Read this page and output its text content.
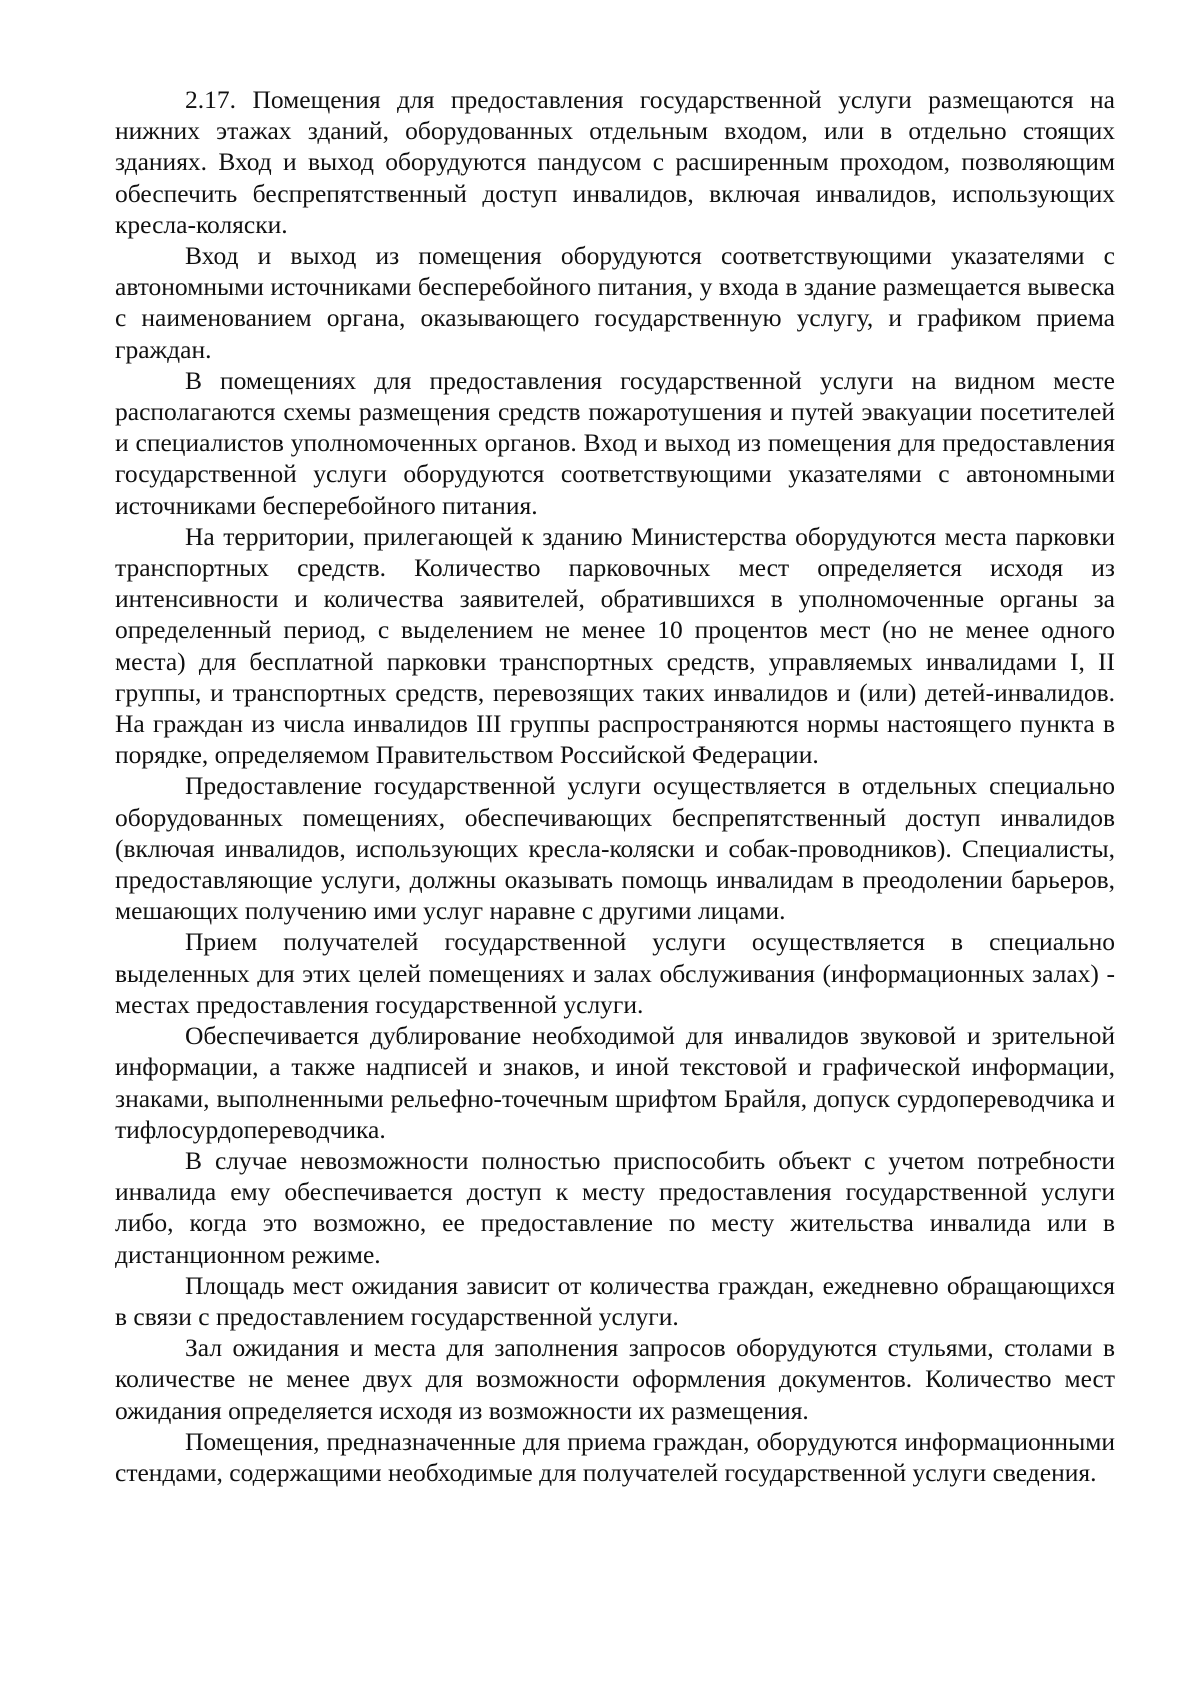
2.17. Помещения для предоставления государственной услуги размещаются на нижних этажах зданий, оборудованных отдельным входом, или в отдельно стоящих зданиях. Вход и выход оборудуются пандусом с расширенным проходом, позволяющим обеспечить беспрепятственный доступ инвалидов, включая инвалидов, использующих кресла-коляски.

Вход и выход из помещения оборудуются соответствующими указателями с автономными источниками бесперебойного питания, у входа в здание размещается вывеска с наименованием органа, оказывающего государственную услугу, и графиком приема граждан.

В помещениях для предоставления государственной услуги на видном месте располагаются схемы размещения средств пожаротушения и путей эвакуации посетителей и специалистов уполномоченных органов. Вход и выход из помещения для предоставления государственной услуги оборудуются соответствующими указателями с автономными источниками бесперебойного питания.

На территории, прилегающей к зданию Министерства оборудуются места парковки транспортных средств. Количество парковочных мест определяется исходя из интенсивности и количества заявителей, обратившихся в уполномоченные органы за определенный период, с выделением не менее 10 процентов мест (но не менее одного места) для бесплатной парковки транспортных средств, управляемых инвалидами I, II группы, и транспортных средств, перевозящих таких инвалидов и (или) детей-инвалидов. На граждан из числа инвалидов III группы распространяются нормы настоящего пункта в порядке, определяемом Правительством Российской Федерации.

Предоставление государственной услуги осуществляется в отдельных специально оборудованных помещениях, обеспечивающих беспрепятственный доступ инвалидов (включая инвалидов, использующих кресла-коляски и собак-проводников). Специалисты, предоставляющие услуги, должны оказывать помощь инвалидам в преодолении барьеров, мешающих получению ими услуг наравне с другими лицами.

Прием получателей государственной услуги осуществляется в специально выделенных для этих целей помещениях и залах обслуживания (информационных залах) - местах предоставления государственной услуги.

Обеспечивается дублирование необходимой для инвалидов звуковой и зрительной информации, а также надписей и знаков, и иной текстовой и графической информации, знаками, выполненными рельефно-точечным шрифтом Брайля, допуск сурдопереводчика и тифлосурдопереводчика.

В случае невозможности полностью приспособить объект с учетом потребности инвалида ему обеспечивается доступ к месту предоставления государственной услуги либо, когда это возможно, ее предоставление по месту жительства инвалида или в дистанционном режиме.

Площадь мест ожидания зависит от количества граждан, ежедневно обращающихся в связи с предоставлением государственной услуги.

Зал ожидания и места для заполнения запросов оборудуются стульями, столами в количестве не менее двух для возможности оформления документов. Количество мест ожидания определяется исходя из возможности их размещения.

Помещения, предназначенные для приема граждан, оборудуются информационными стендами, содержащими необходимые для получателей государственной услуги сведения.
